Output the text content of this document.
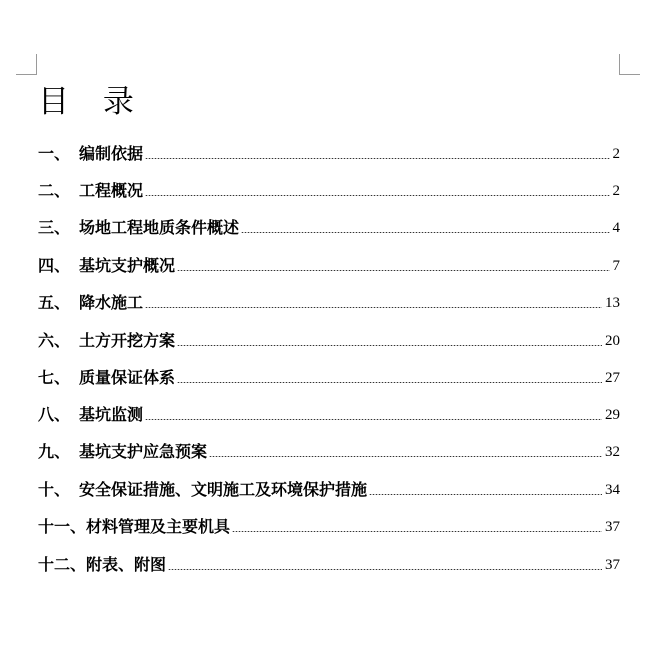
目 录
一、 编制依据	2
二、 工程概况	2
三、 场地工程地质条件概述	4
四、 基坑支护概况	7
五、 降水施工	13
六、 土方开挖方案	20
七、 质量保证体系	27
八、 基坑监测	29
九、 基坑支护应急预案	32
十、 安全保证措施、文明施工及环境保护措施	34
十一、 材料管理及主要机具	37
十二、 附表、附图	37
